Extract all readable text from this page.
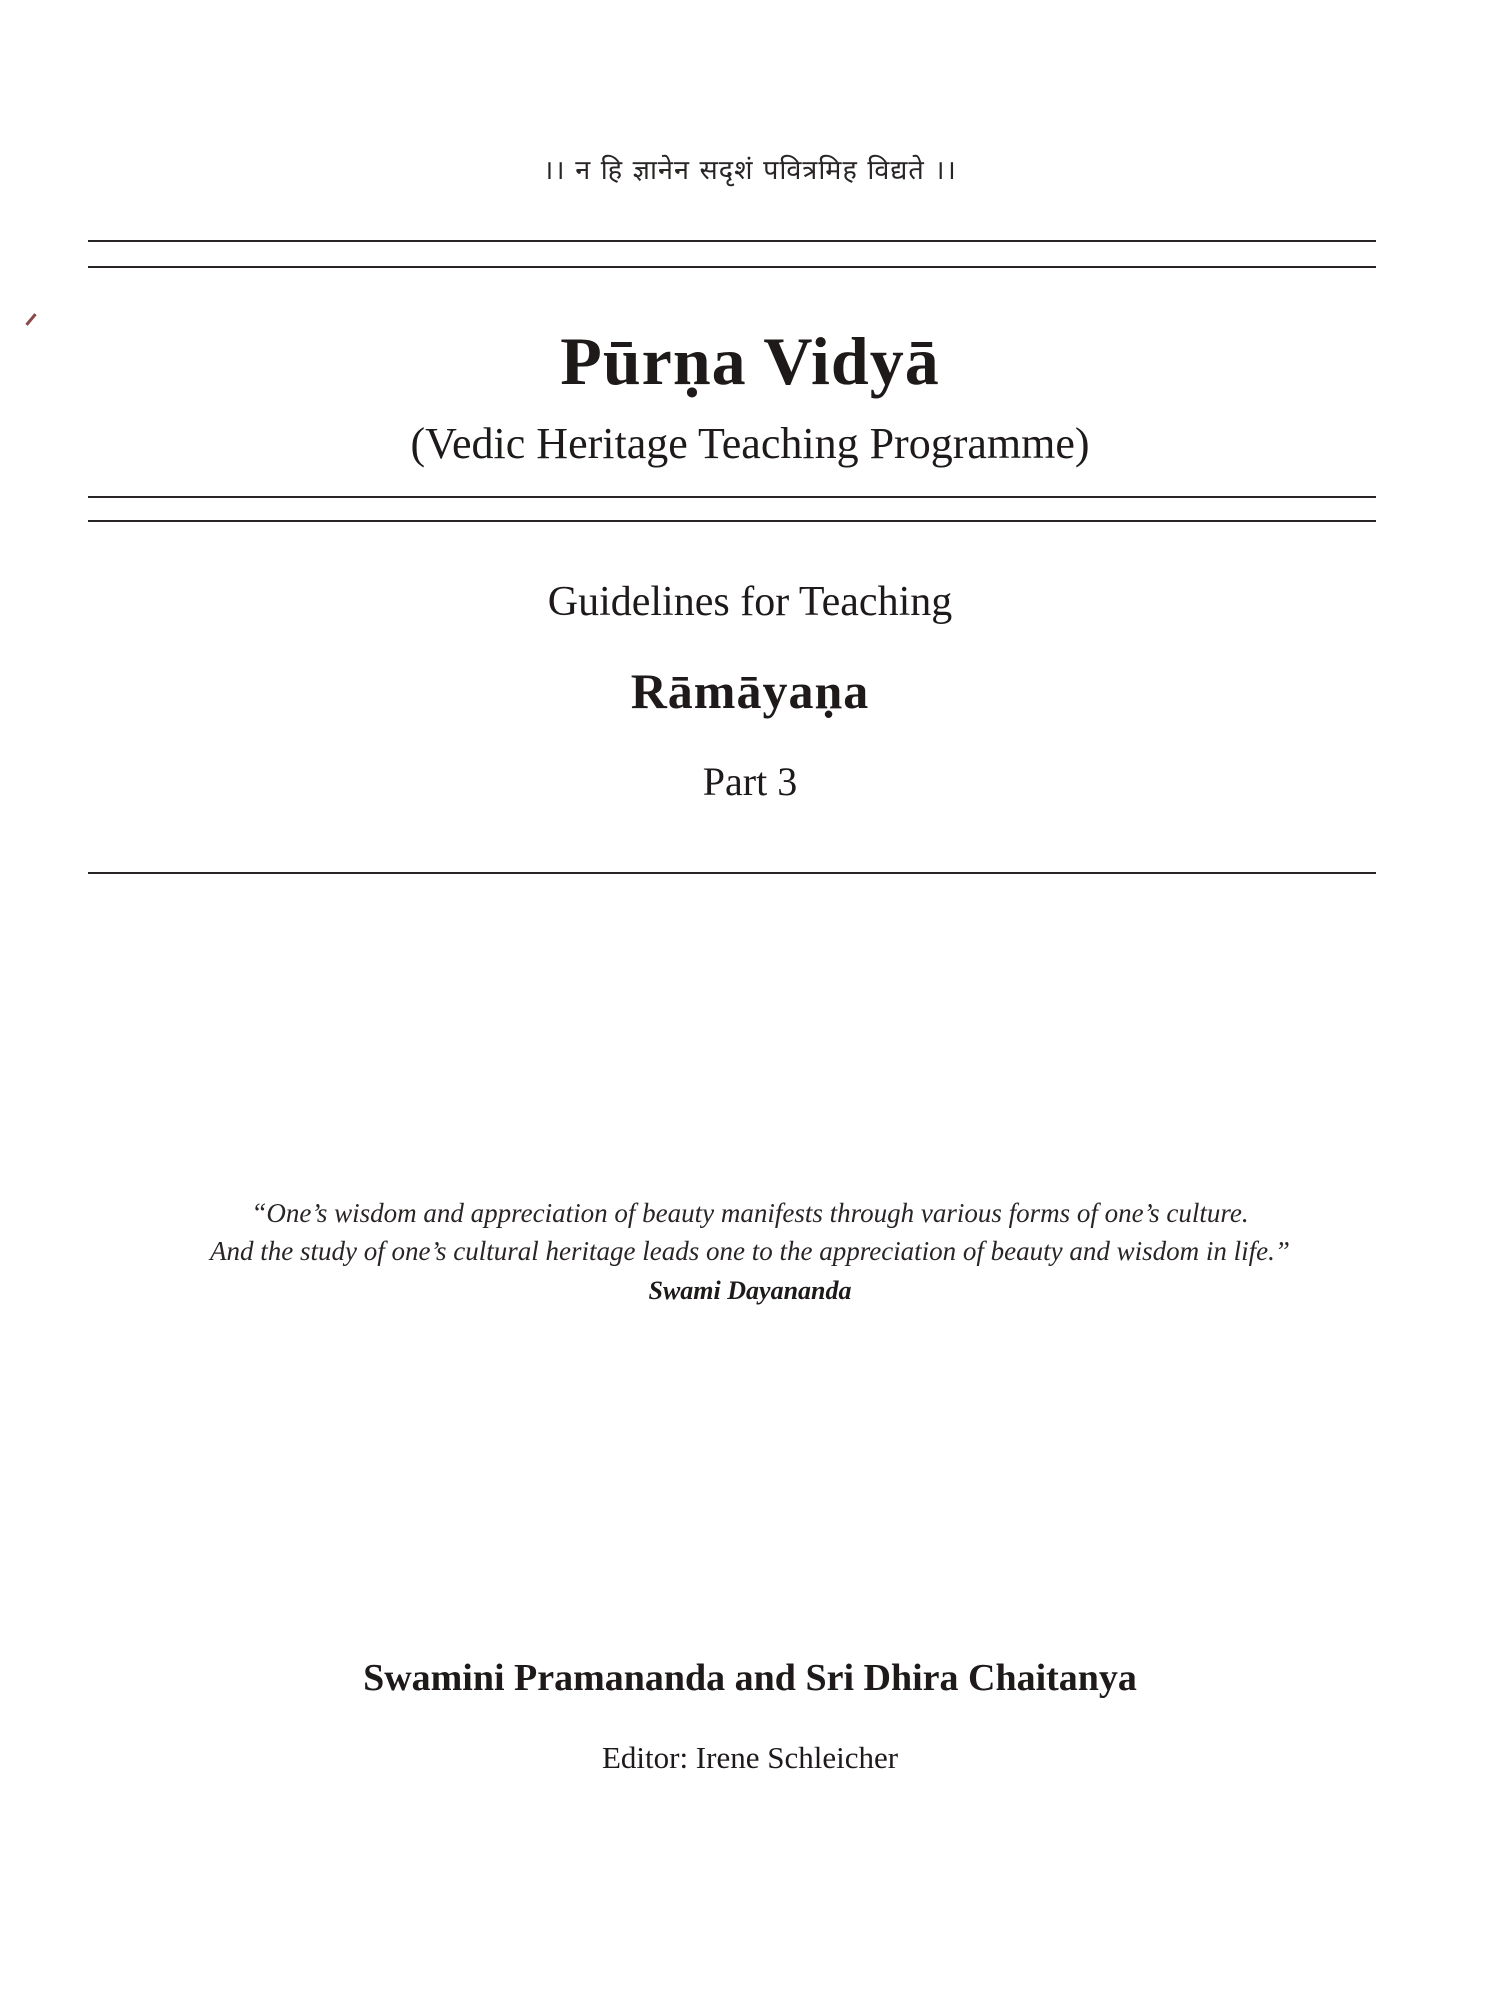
।। न हि ज्ञानेन सदृशं पवित्रमिह विद्यते ।।
Pūrṇa Vidyā
(Vedic Heritage Teaching Programme)
Guidelines for Teaching
Rāmāyaṇa
Part 3
“One’s wisdom and appreciation of beauty manifests through various forms of one’s culture.
And the study of one’s cultural heritage leads one to the appreciation of beauty and wisdom in life.”
Swami Dayananda
Swamini Pramananda and Sri Dhira Chaitanya
Editor: Irene Schleicher
